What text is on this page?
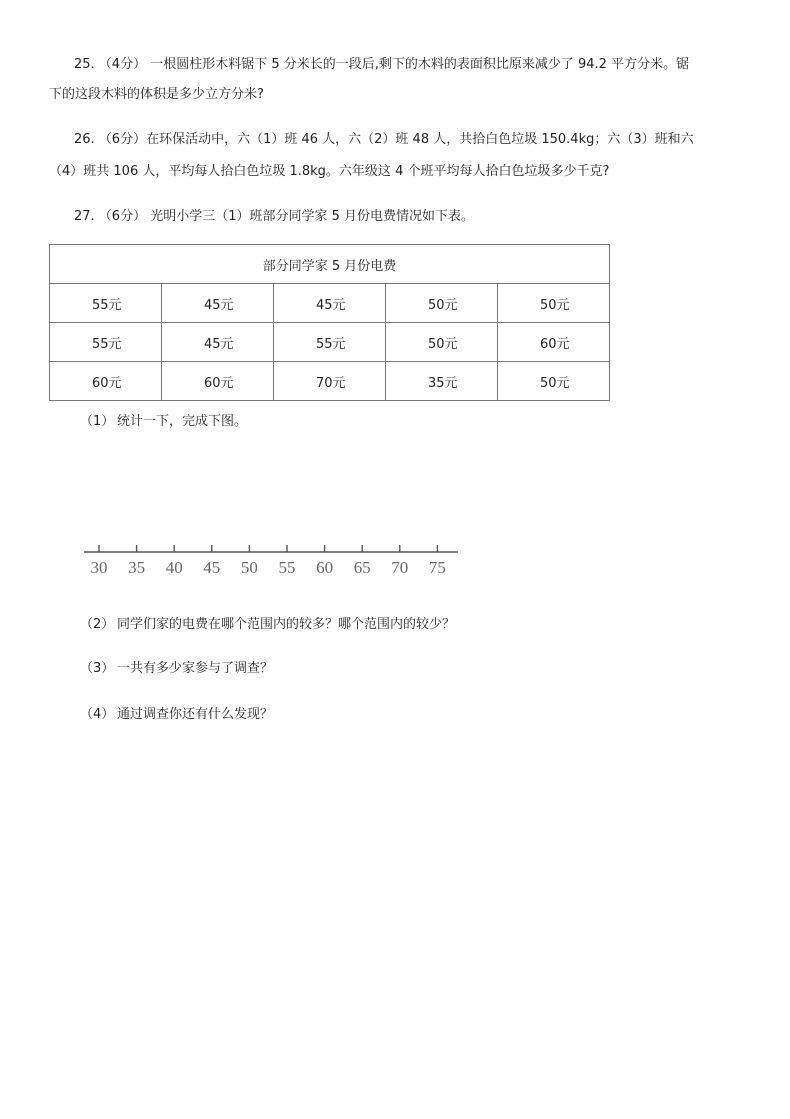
25. （4分） 一根圆柱形木料锯下 5 分米长的一段后,剩下的木料的表面积比原来减少了 94.2 平方分米。锯
下的这段木料的体积是多少立方分米?
26. （6分）在环保活动中，六（1）班 46 人，六（2）班 48 人，共拾白色垃圾 150.4kg；六（3）班和六
（4）班共 106 人，平均每人拾白色垃圾 1.8kg。六年级这 4 个班平均每人拾白色垃圾多少千克?
27. （6分） 光明小学三（1）班部分同学家 5 月份电费情况如下表。
部分同学家 5 月份电费				
55元	45元	45元	50元	50元
55元	45元	55元	50元	60元
60元	60元	70元	35元	50元
（1） 统计一下，完成下图。
30 35 40 45 50 55 60 65 70 75
（2） 同学们家的电费在哪个范围内的较多？哪个范围内的较少？
（3） 一共有多少家参与了调查？
（4） 通过调查你还有什么发现？
